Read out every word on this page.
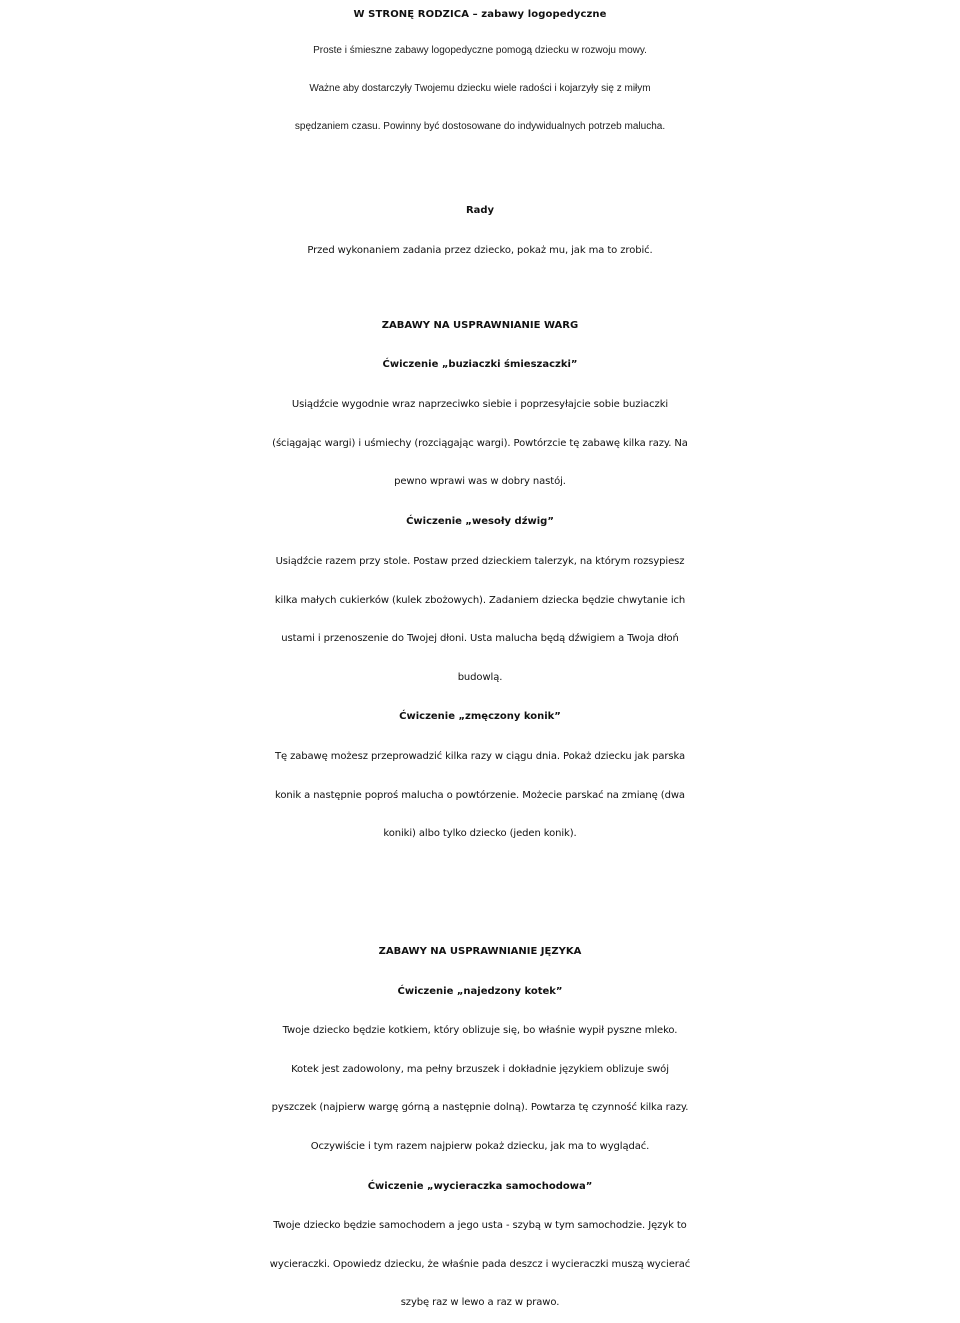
W STRONĘ RODZICA – zabawy logopedyczne
Proste i śmieszne zabawy logopedyczne pomogą dziecku w rozwoju mowy.
Ważne aby dostarczyły Twojemu dziecku wiele radości i kojarzyły się z miłym
spędzaniem czasu. Powinny być dostosowane do indywidualnych potrzeb malucha.
Rady
Przed wykonaniem zadania przez dziecko, pokaż mu, jak ma to zrobić.
ZABAWY NA USPRAWNIANIE WARG
Ćwiczenie „buziaczki śmieszaczki”
Usiądźcie wygodnie wraz naprzeciwko siebie i poprzesyłajcie sobie buziaczki
(ściągając wargi) i uśmiechy (rozciągając wargi). Powtórzcie tę zabawę kilka razy. Na
pewno wprawi was w dobry nastój.
Ćwiczenie „wesoły dźwig”
Usiądźcie razem przy stole. Postaw przed dzieckiem talerzyk, na którym rozsypiesz
kilka małych cukierków (kulek zbożowych). Zadaniem dziecka będzie chwytanie ich
ustami i przenoszenie do Twojej dłoni. Usta malucha będą dźwigiem a Twoja dłoń
budowlą.
Ćwiczenie „zmęczony konik”
Tę zabawę możesz przeprowadzić kilka razy w ciągu dnia. Pokaż dziecku jak parska
konik a następnie poproś malucha o powtórzenie. Możecie parskać na zmianę (dwa
koniki) albo tylko dziecko (jeden konik).
ZABAWY NA USPRAWNIANIE JĘZYKA
Ćwiczenie „najedzony kotek”
Twoje dziecko będzie kotkiem, który oblizuje się, bo właśnie wypił pyszne mleko.
Kotek jest zadowolony, ma pełny brzuszek i dokładnie językiem oblizuje swój
pyszczek (najpierw wargę górną a następnie dolną). Powtarza tę czynność kilka razy.
Oczywiście i tym razem najpierw pokaż dziecku, jak ma to wyglądać.
Ćwiczenie „wycieraczka samochodowa”
Twoje dziecko będzie samochodem a jego usta - szybą w tym samochodzie. Język to
wycieraczki. Opowiedz dziecku, że właśnie pada deszcz i wycieraczki muszą wycierać
szybę raz w lewo a raz w prawo.
